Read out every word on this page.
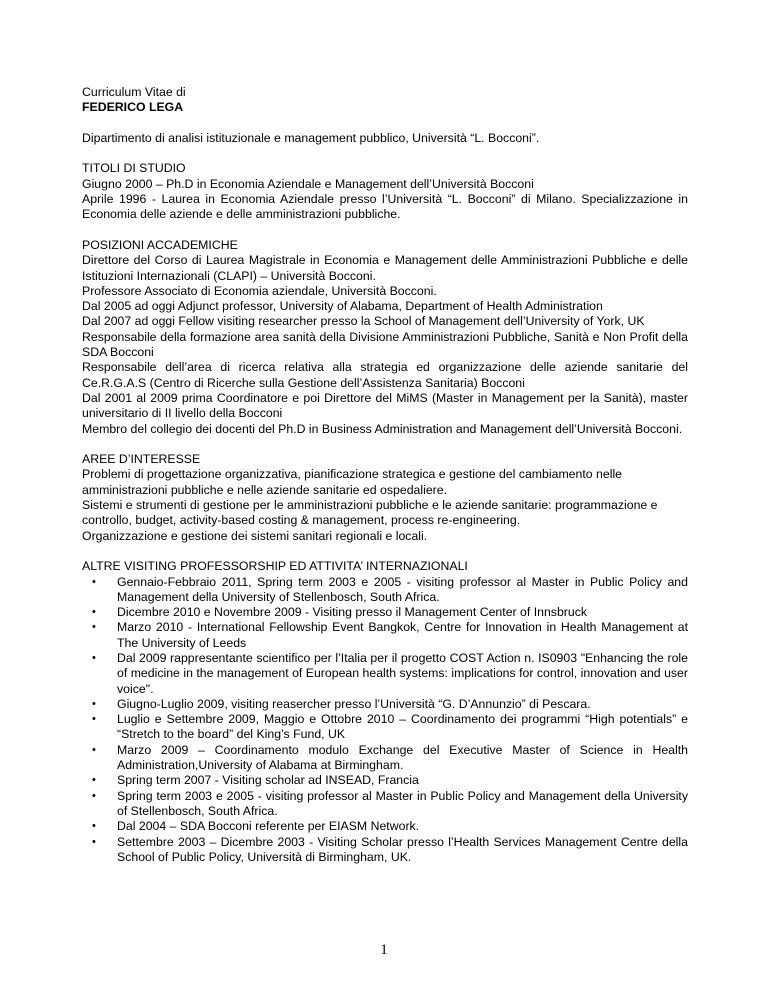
Curriculum Vitae di
FEDERICO LEGA
Dipartimento di analisi istituzionale e management pubblico, Università “L. Bocconi”.
TITOLI DI STUDIO
Giugno 2000 – Ph.D in Economia Aziendale e Management dell’Università Bocconi
Aprile 1996 - Laurea in Economia Aziendale presso l’Università “L. Bocconi” di Milano. Specializzazione in Economia delle aziende e delle amministrazioni pubbliche.
POSIZIONI ACCADEMICHE
Direttore del Corso di Laurea Magistrale in Economia e Management delle Amministrazioni Pubbliche e delle Istituzioni Internazionali (CLAPI) – Università Bocconi.
Professore Associato di Economia aziendale, Università Bocconi.
Dal 2005 ad oggi Adjunct professor, University of Alabama, Department of Health Administration
Dal 2007 ad oggi Fellow visiting researcher presso la School of Management dell’University of York, UK
Responsabile della formazione area sanità della Divisione Amministrazioni Pubbliche, Sanità e Non Profit della SDA Bocconi
Responsabile dell’area di ricerca relativa alla strategia ed organizzazione delle aziende sanitarie del Ce.R.G.A.S (Centro di Ricerche sulla Gestione dell’Assistenza Sanitaria) Bocconi
Dal 2001 al 2009 prima Coordinatore e poi Direttore del MiMS (Master in Management per la Sanità), master universitario di II livello della Bocconi
Membro del collegio dei docenti del Ph.D in Business Administration and Management dell’Università Bocconi.
AREE D’INTERESSE
Problemi di progettazione organizzativa, pianificazione strategica e gestione del cambiamento nelle amministrazioni pubbliche e nelle aziende sanitarie ed ospedaliere.
Sistemi e strumenti di gestione per le amministrazioni pubbliche e le aziende sanitarie: programmazione e controllo, budget, activity-based costing & management, process re-engineering.
Organizzazione e gestione dei sistemi sanitari regionali e locali.
ALTRE VISITING PROFESSORSHIP ED ATTIVITA’ INTERNAZIONALI
• Gennaio-Febbraio 2011, Spring term 2003 e 2005 - visiting professor al Master in Public Policy and Management della University of Stellenbosch, South Africa.
• Dicembre 2010 e Novembre 2009 - Visiting presso il Management Center of Innsbruck
• Marzo 2010 - International Fellowship Event Bangkok, Centre for Innovation in Health Management at The University of Leeds
• Dal 2009 rappresentante scientifico per l’Italia per il progetto COST Action n. IS0903 "Enhancing the role of medicine in the management of European health systems: implications for control, innovation and user voice".
• Giugno-Luglio 2009, visiting reasercher presso l’Università “G. D’Annunzio” di Pescara.
• Luglio e Settembre 2009, Maggio e Ottobre 2010 – Coordinamento dei programmi “High potentials” e “Stretch to the board” del King’s Fund, UK
• Marzo 2009 – Coordinamento modulo Exchange del Executive Master of Science in Health Administration,University of Alabama at Birmingham.
• Spring term 2007 - Visiting scholar ad INSEAD, Francia
• Spring term 2003 e 2005 - visiting professor al Master in Public Policy and Management della University of Stellenbosch, South Africa.
• Dal 2004 – SDA Bocconi referente per EIASM Network.
• Settembre 2003 – Dicembre 2003 - Visiting Scholar presso l’Health Services Management Centre della School of Public Policy, Università di Birmingham, UK.
1
